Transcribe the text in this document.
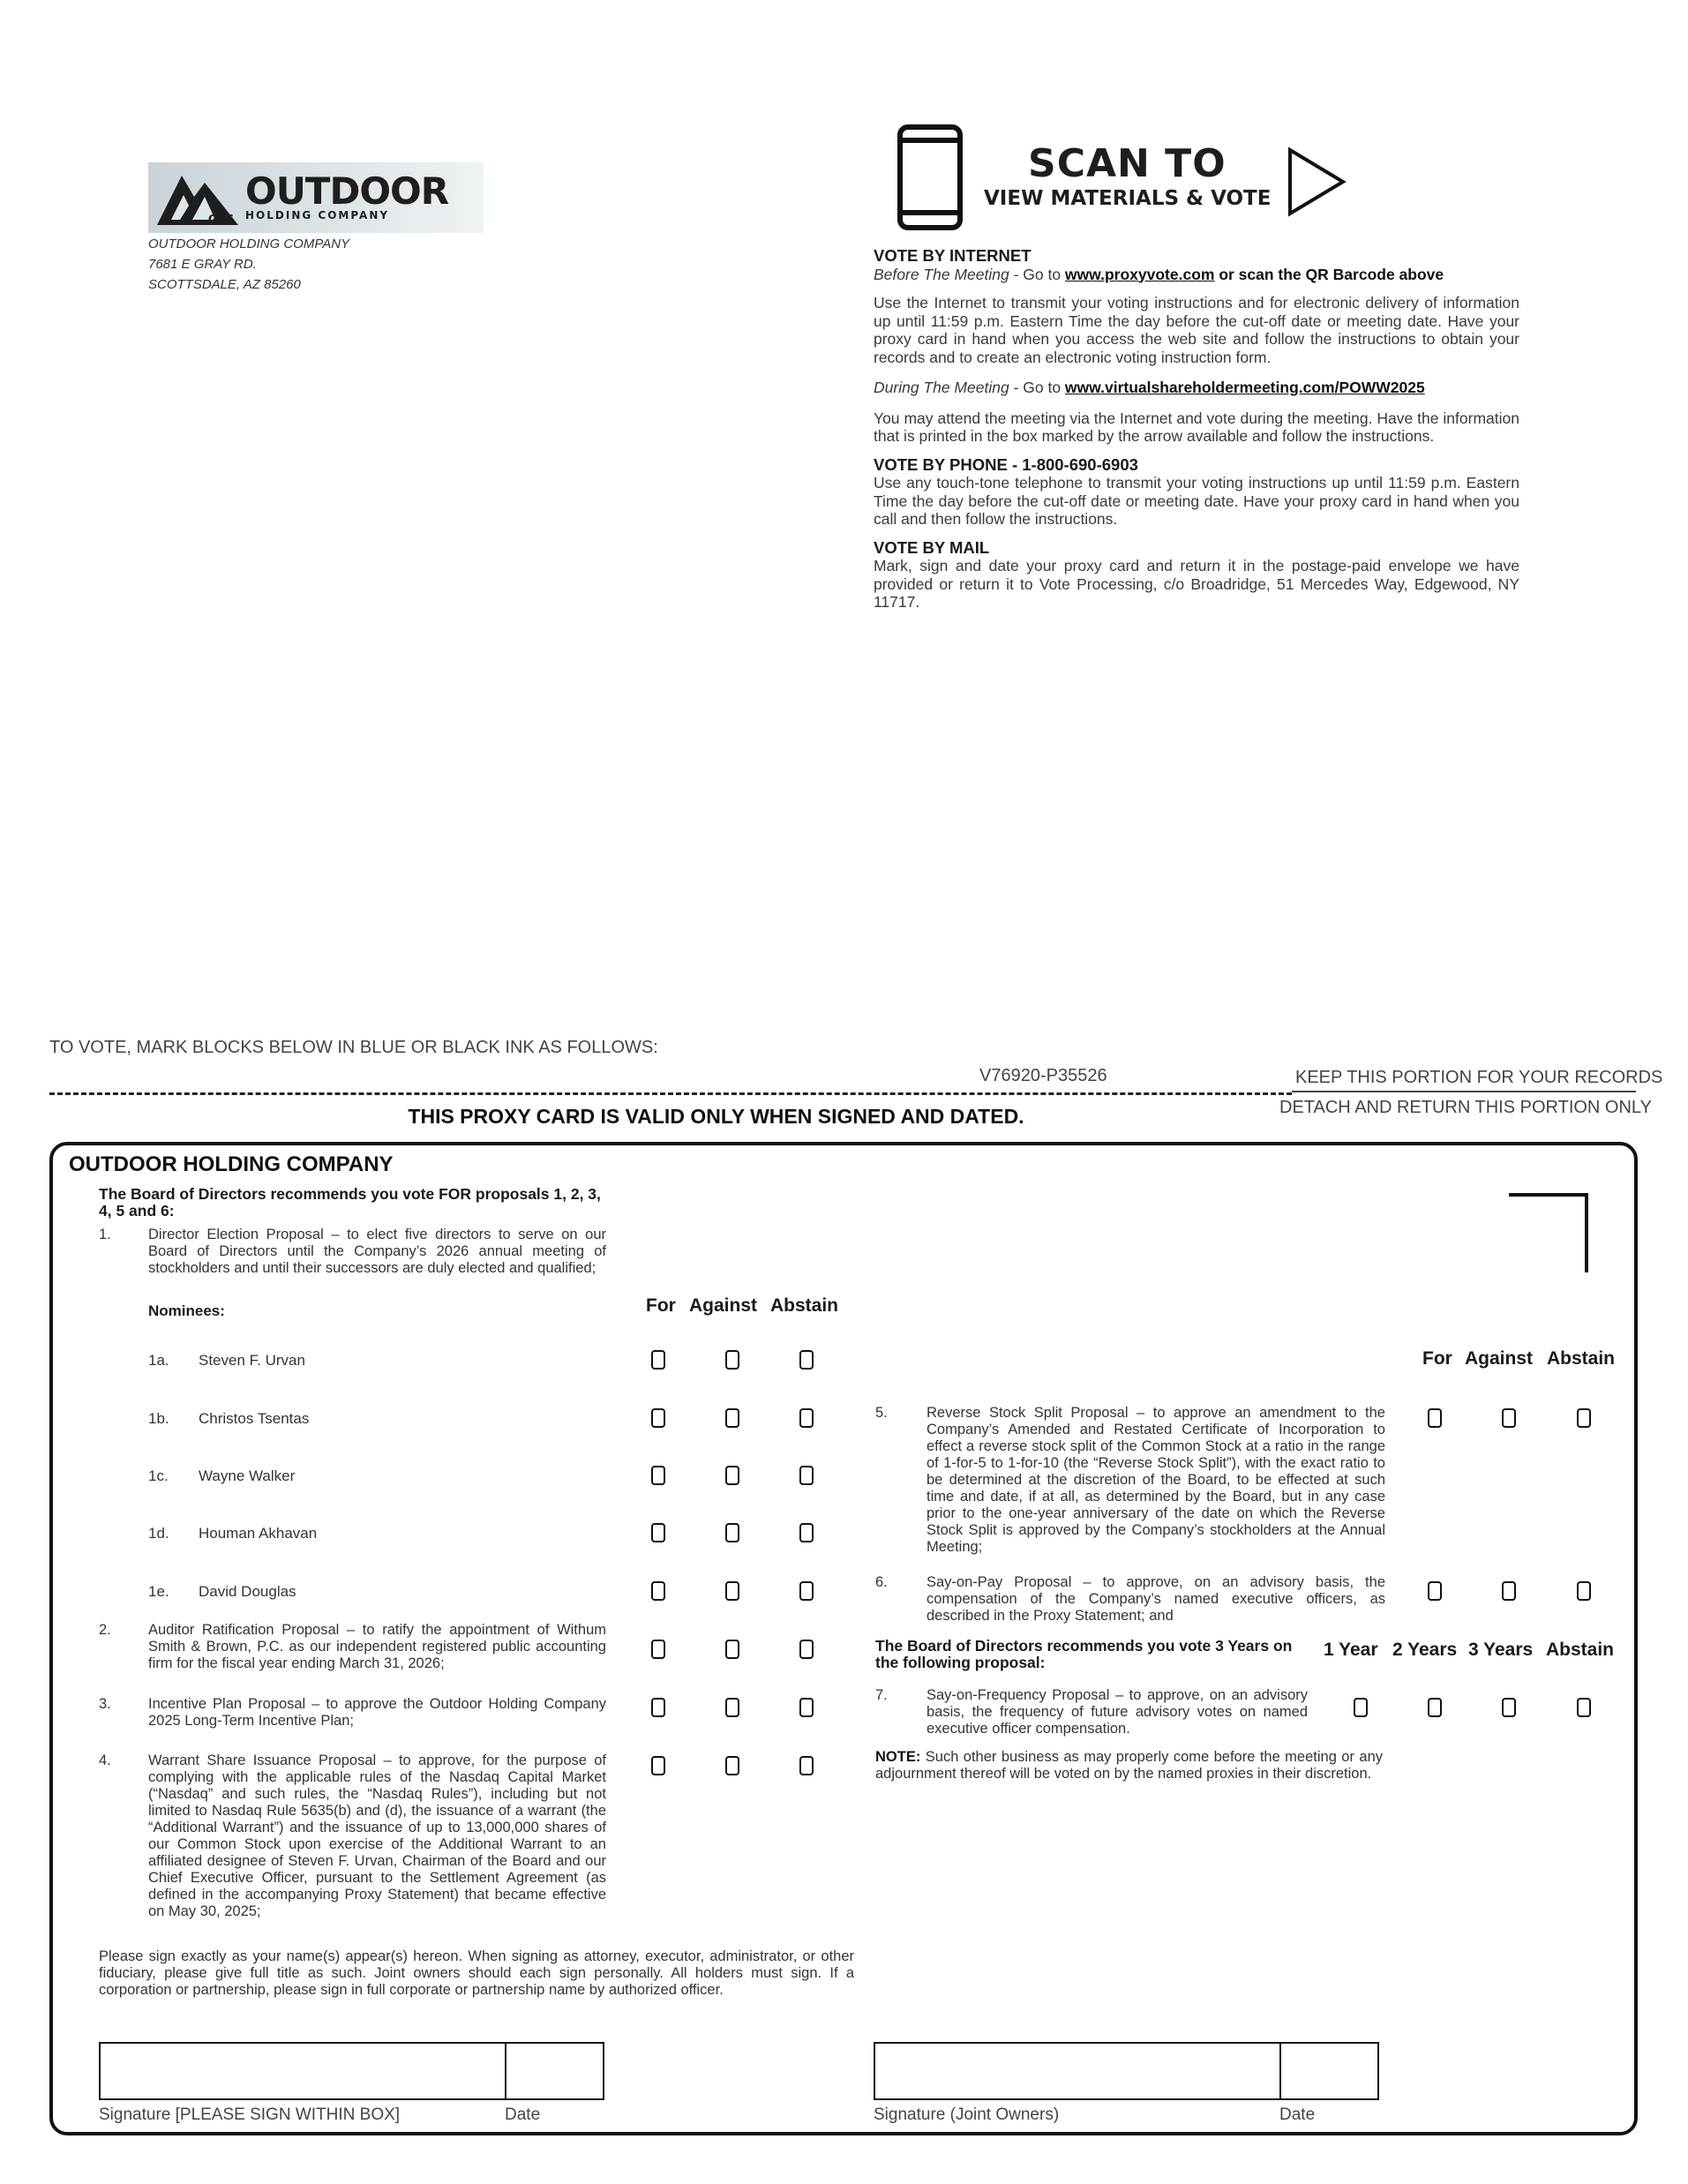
ohc
OUTDOOR
HOLDING COMPANY
OUTDOOR HOLDING COMPANY
7681 E GRAY RD.
SCOTTSDALE, AZ 85260
SCAN TO
VIEW MATERIALS & VOTE
VOTE BY INTERNET
Before The Meeting - Go to www.proxyvote.com or scan the QR Barcode above

Use the Internet to transmit your voting instructions and for electronic delivery of information up until 11:59 p.m. Eastern Time the day before the cut-off date or meeting date. Have your proxy card in hand when you access the web site and follow the instructions to obtain your records and to create an electronic voting instruction form.

During The Meeting - Go to www.virtualshareholdermeeting.com/POWW2025

You may attend the meeting via the Internet and vote during the meeting. Have the information that is printed in the box marked by the arrow available and follow the instructions.

VOTE BY PHONE - 1-800-690-6903

Use any touch-tone telephone to transmit your voting instructions up until 11:59 p.m. Eastern Time the day before the cut-off date or meeting date. Have your proxy card in hand when you call and then follow the instructions.

VOTE BY MAIL

Mark, sign and date your proxy card and return it in the postage-paid envelope we have provided or return it to Vote Processing, c/o Broadridge, 51 Mercedes Way, Edgewood, NY 11717.

TO VOTE, MARK BLOCKS BELOW IN BLUE OR BLACK INK AS FOLLOWS:
V76920-P35526	KEEP THIS PORTION FOR YOUR RECORDS
THIS PROXY CARD IS VALID ONLY WHEN SIGNED AND DATED.	DETACH AND RETURN THIS PORTION ONLY
OUTDOOR HOLDING COMPANY
The Board of Directors recommends you vote FOR proposals 1, 2, 3, 4, 5 and 6:
1.	Director Election Proposal – to elect five directors to serve on our Board of Directors until the Company’s 2026 annual meeting of stockholders and until their successors are duly elected and qualified;
Nominees:	For Against Abstain
1a. Steven F. Urvan
1b. Christos Tsentas
1c. Wayne Walker
1d. Houman Akhavan
1e. David Douglas
2.	Auditor Ratification Proposal – to ratify the appointment of Withum Smith & Brown, P.C. as our independent registered public accounting firm for the fiscal year ending March 31, 2026;
3.	Incentive Plan Proposal – to approve the Outdoor Holding Company 2025 Long-Term Incentive Plan;
4.	Warrant Share Issuance Proposal – to approve, for the purpose of complying with the applicable rules of the Nasdaq Capital Market (“Nasdaq” and such rules, the “Nasdaq Rules”), including but not limited to Nasdaq Rule 5635(b) and (d), the issuance of a warrant (the “Additional Warrant”) and the issuance of up to 13,000,000 shares of our Common Stock upon exercise of the Additional Warrant to an affiliated designee of Steven F. Urvan, Chairman of the Board and our Chief Executive Officer, pursuant to the Settlement Agreement (as defined in the accompanying Proxy Statement) that became effective on May 30, 2025;
For Against Abstain
5.	Reverse Stock Split Proposal – to approve an amendment to the Company’s Amended and Restated Certificate of Incorporation to effect a reverse stock split of the Common Stock at a ratio in the range of 1-for-5 to 1-for-10 (the “Reverse Stock Split”), with the exact ratio to be determined at the discretion of the Board, to be effected at such time and date, if at all, as determined by the Board, but in any case prior to the one-year anniversary of the date on which the Reverse Stock Split is approved by the Company’s stockholders at the Annual Meeting;
6.	Say-on-Pay Proposal – to approve, on an advisory basis, the compensation of the Company’s named executive officers, as described in the Proxy Statement; and
The Board of Directors recommends you vote 3 Years on the following proposal:
1 Year 2 Years 3 Years Abstain
7.	Say-on-Frequency Proposal – to approve, on an advisory basis, the frequency of future advisory votes on named executive officer compensation.
NOTE: Such other business as may properly come before the meeting or any adjournment thereof will be voted on by the named proxies in their discretion.
Please sign exactly as your name(s) appear(s) hereon. When signing as attorney, executor, administrator, or other fiduciary, please give full title as such. Joint owners should each sign personally. All holders must sign. If a corporation or partnership, please sign in full corporate or partnership name by authorized officer.
Signature [PLEASE SIGN WITHIN BOX]	Date	Signature (Joint Owners)	Date
